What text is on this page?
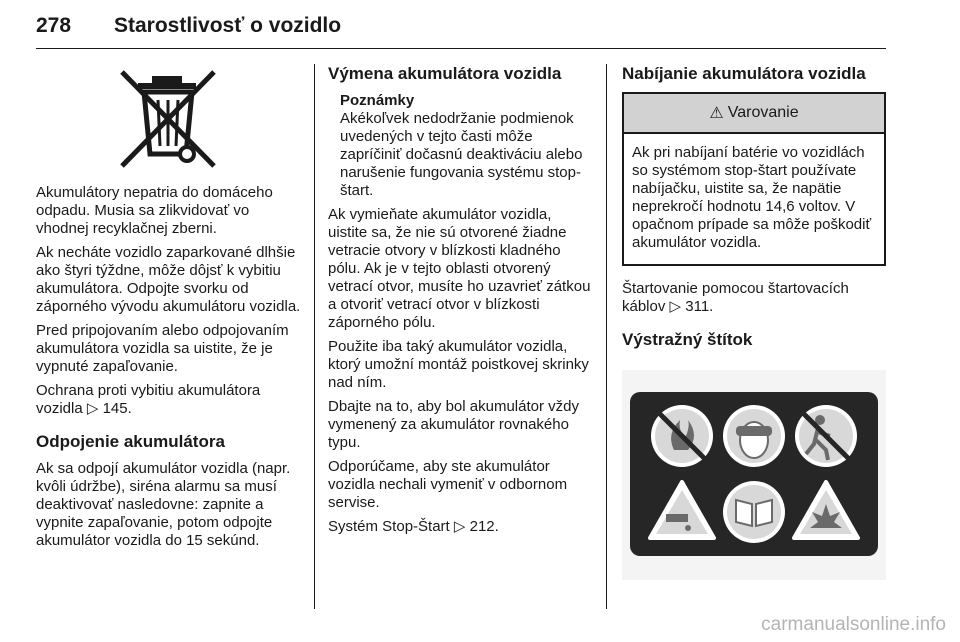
278 Starostlivosť o vozidlo

Akumulátory nepatria do domáceho odpadu. Musia sa zlikvidovať vo vhodnej recyklačnej zberni.

Ak necháte vozidlo zaparkované dlhšie ako štyri týždne, môže dôjsť k vybitiu akumulátora. Odpojte svorku od záporného vývodu akumulátoru vozidla.

Pred pripojovaním alebo odpojovaním akumulátora vozidla sa uistite, že je vypnuté zapaľovanie.

Ochrana proti vybitiu akumulátora vozidla ▷ 145.

Odpojenie akumulátora

Ak sa odpojí akumulátor vozidla (napr. kvôli údržbe), siréna alarmu sa musí deaktivovať nasledovne: zapnite a vypnite zapaľovanie, potom odpojte akumulátor vozidla do 15 sekúnd.

Výmena akumulátora vozidla

Poznámky

Akékoľvek nedodržanie podmienok uvedených v tejto časti môže zapríčiniť dočasnú deaktiváciu alebo narušenie fungovania systému stop-štart.

Ak vymieňate akumulátor vozidla, uistite sa, že nie sú otvorené žiadne vetracie otvory v blízkosti kladného pólu. Ak je v tejto oblasti otvorený vetrací otvor, musíte ho uzavrieť zátkou a otvoriť vetrací otvor v blízkosti záporného pólu.

Použite iba taký akumulátor vozidla, ktorý umožní montáž poistkovej skrinky nad ním.

Dbajte na to, aby bol akumulátor vždy vymenený za akumulátor rovnakého typu.

Odporúčame, aby ste akumulátor vozidla nechali vymeniť v odbornom servise.

Systém Stop-Štart ▷ 212.

Nabíjanie akumulátora vozidla
⚠ Varovanie

Ak pri nabíjaní batérie vo vozidlách so systémom stop-štart používate nabíjačku, uistite sa, že napätie neprekročí hodnotu 14,6 voltov. V opačnom prípade sa môže poškodiť akumulátor vozidla.

Štartovanie pomocou štartovacích káblov ▷ 311.

Výstražný štítok
carmanualsonline.info
